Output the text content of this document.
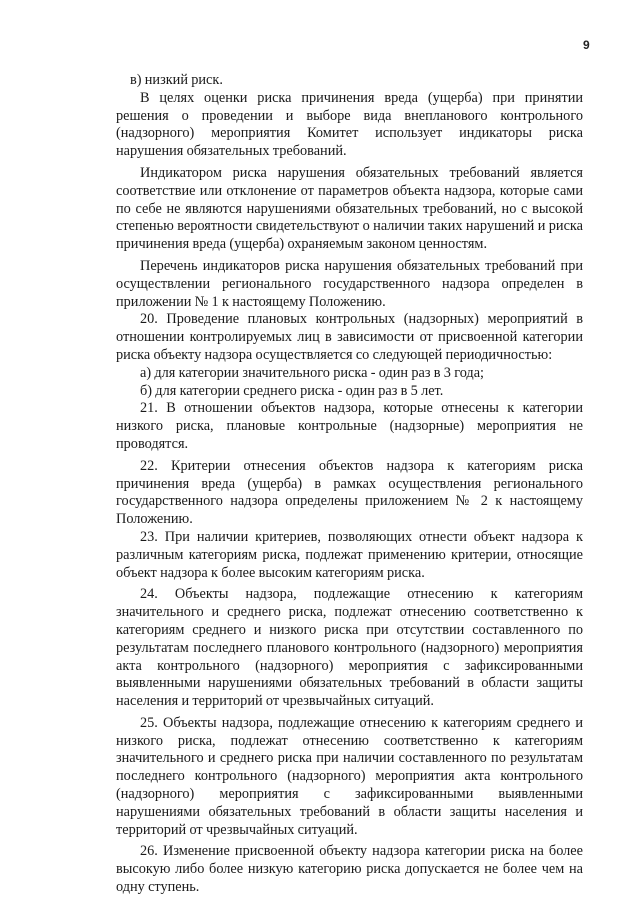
9

в) низкий риск.

В целях оценки риска причинения вреда (ущерба) при принятии решения о проведении и выборе вида внепланового контрольного (надзорного) мероприятия Комитет использует индикаторы риска нарушения обязательных требований.

Индикатором риска нарушения обязательных требований является соответствие или отклонение от параметров объекта надзора, которые сами по себе не являются нарушениями обязательных требований, но с высокой степенью вероятности свидетельствуют о наличии таких нарушений и риска причинения вреда (ущерба) охраняемым законом ценностям.

Перечень индикаторов риска нарушения обязательных требований при осуществлении регионального государственного надзора определен в приложении № 1 к настоящему Положению.

20. Проведение плановых контрольных (надзорных) мероприятий в отношении контролируемых лиц в зависимости от присвоенной категории риска объекту надзора осуществляется со следующей периодичностью:

а) для категории значительного риска - один раз в 3 года;

б) для категории среднего риска - один раз в 5 лет.

21. В отношении объектов надзора, которые отнесены к категории низкого риска, плановые контрольные (надзорные) мероприятия не проводятся.

22. Критерии отнесения объектов надзора к категориям риска причинения вреда (ущерба) в рамках осуществления регионального государственного надзора определены приложением № 2 к настоящему Положению.

23. При наличии критериев, позволяющих отнести объект надзора к различным категориям риска, подлежат применению критерии, относящие объект надзора к более высоким категориям риска.

24. Объекты надзора, подлежащие отнесению к категориям значительного и среднего риска, подлежат отнесению соответственно к категориям среднего и низкого риска при отсутствии составленного по результатам последнего планового контрольного (надзорного) мероприятия акта контрольного (надзорного) мероприятия с зафиксированными выявленными нарушениями обязательных требований в области защиты населения и территорий от чрезвычайных ситуаций.

25. Объекты надзора, подлежащие отнесению к категориям среднего и низкого риска, подлежат отнесению соответственно к категориям значительного и среднего риска при наличии составленного по результатам последнего контрольного (надзорного) мероприятия акта контрольного (надзорного) мероприятия с зафиксированными выявленными нарушениями обязательных требований в области защиты населения и территорий от чрезвычайных ситуаций.

26. Изменение присвоенной объекту надзора категории риска на более высокую либо более низкую категорию риска допускается не более чем на одну ступень.
